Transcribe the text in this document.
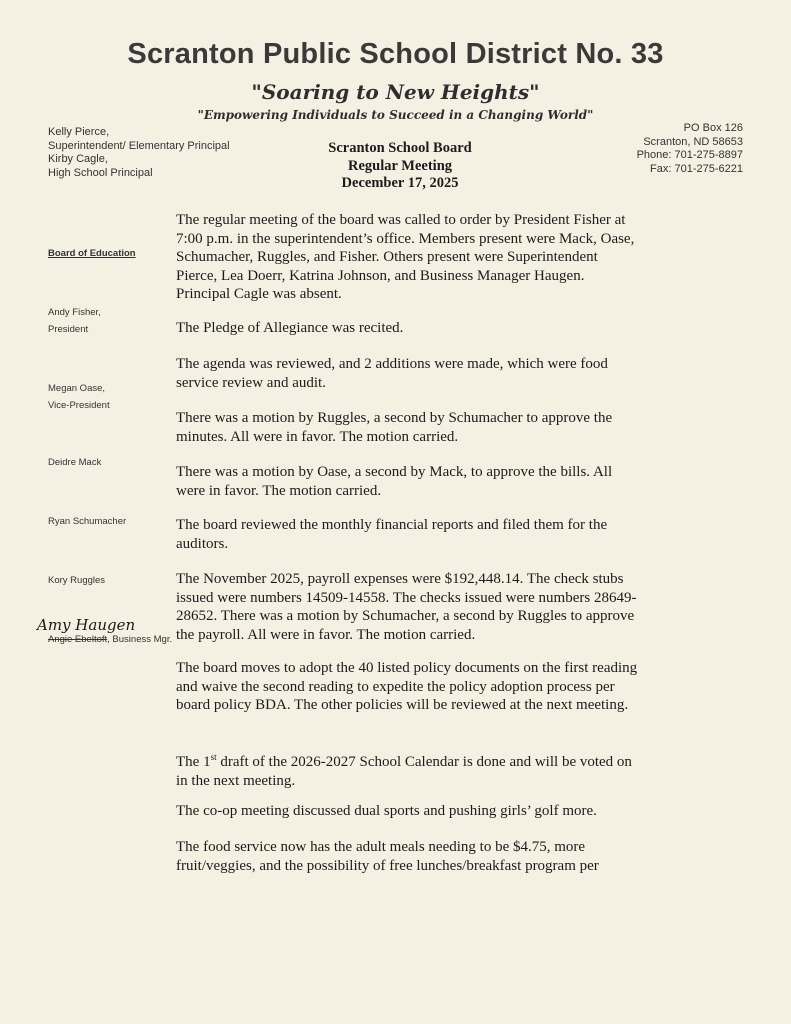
Scranton Public School District No. 33
"Soaring to New Heights"
"Empowering Individuals to Succeed in a Changing World"
Kelly Pierce,
Superintendent/ Elementary Principal
Kirby Cagle,
High School Principal
PO Box 126
Scranton, ND 58653
Phone: 701-275-8897
Fax: 701-275-6221
Scranton School Board
Regular Meeting
December 17, 2025
Board of Education
Andy Fisher,
President
Megan Oase,
Vice-President
Deidre Mack
Ryan Schumacher
Kory Ruggles
Amy Haugen
Angie Ebeltoft, Business Mgr.

The regular meeting of the board was called to order by President Fisher at 7:00 p.m. in the superintendent’s office. Members present were Mack, Oase, Schumacher, Ruggles, and Fisher. Others present were Superintendent Pierce, Lea Doerr, Katrina Johnson, and Business Manager Haugen. Principal Cagle was absent.

The Pledge of Allegiance was recited.

The agenda was reviewed, and 2 additions were made, which were food service review and audit.

There was a motion by Ruggles, a second by Schumacher to approve the minutes. All were in favor. The motion carried.

There was a motion by Oase, a second by Mack, to approve the bills. All were in favor. The motion carried.

The board reviewed the monthly financial reports and filed them for the auditors.

The November 2025, payroll expenses were $192,448.14. The check stubs issued were numbers 14509-14558. The checks issued were numbers 28649-28652. There was a motion by Schumacher, a second by Ruggles to approve the payroll. All were in favor. The motion carried.

The board moves to adopt the 40 listed policy documents on the first reading and waive the second reading to expedite the policy adoption process per board policy BDA. The other policies will be reviewed at the next meeting.

The 1st draft of the 2026-2027 School Calendar is done and will be voted on in the next meeting.

The co-op meeting discussed dual sports and pushing girls’ golf more.

The food service now has the adult meals needing to be $4.75, more fruit/veggies, and the possibility of free lunches/breakfast program per
